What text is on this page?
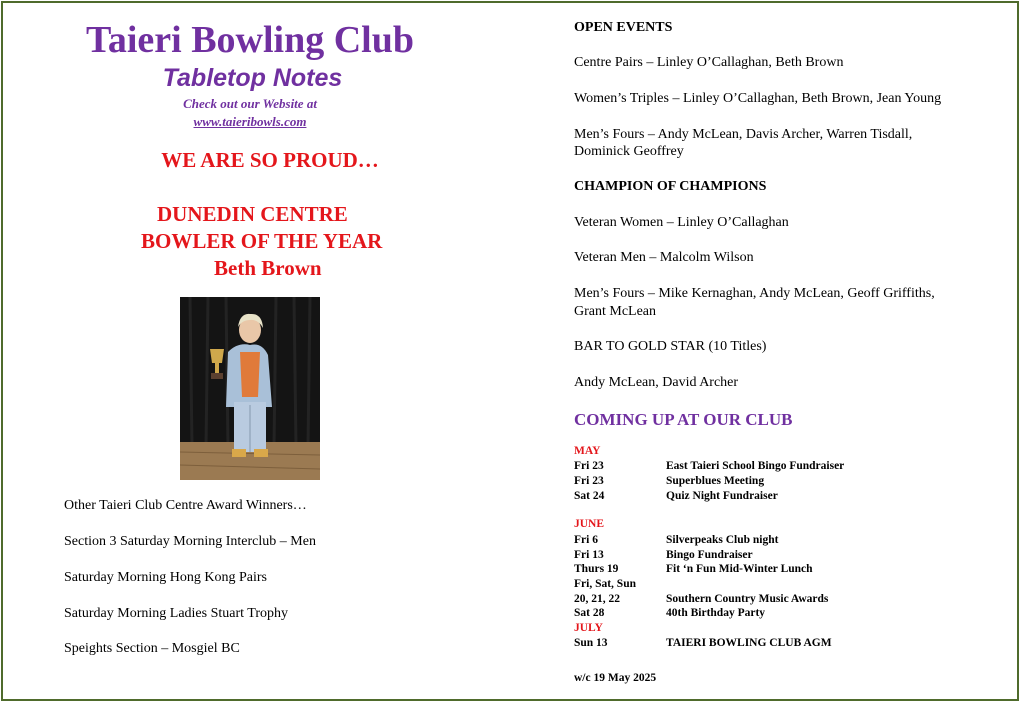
Taieri Bowling Club
Tabletop Notes
Check out our Website at
www.taieribowls.com
WE ARE SO PROUD…
DUNEDIN CENTRE
BOWLER OF THE YEAR
Beth Brown
Other Taieri Club Centre Award Winners…
Section 3 Saturday Morning Interclub – Men
Saturday Morning Hong Kong Pairs
Saturday Morning Ladies Stuart Trophy
Speights Section – Mosgiel BC
OPEN EVENTS
Centre Pairs – Linley O’Callaghan, Beth Brown
Women’s Triples – Linley O’Callaghan, Beth Brown, Jean Young
Men’s Fours – Andy McLean, Davis Archer, Warren Tisdall,
Dominick Geoffrey
CHAMPION OF CHAMPIONS
Veteran Women – Linley O’Callaghan
Veteran Men – Malcolm Wilson
Men’s Fours – Mike Kernaghan, Andy McLean, Geoff Griffiths,
Grant McLean
BAR TO GOLD STAR (10 Titles)
Andy McLean, David Archer
COMING UP AT OUR CLUB
MAY
Fri 23	East Taieri School Bingo Fundraiser
Fri 23	Superblues Meeting
Sat 24	Quiz Night Fundraiser
JUNE
Fri 6	Silverpeaks Club night
Fri 13	Bingo Fundraiser
Thurs 19	Fit ‘n Fun Mid-Winter Lunch
Fri, Sat, Sun
20, 21, 22	Southern Country Music Awards
Sat 28	40th Birthday Party
JULY
Sun 13	TAIERI BOWLING CLUB AGM
w/c 19 May 2025
